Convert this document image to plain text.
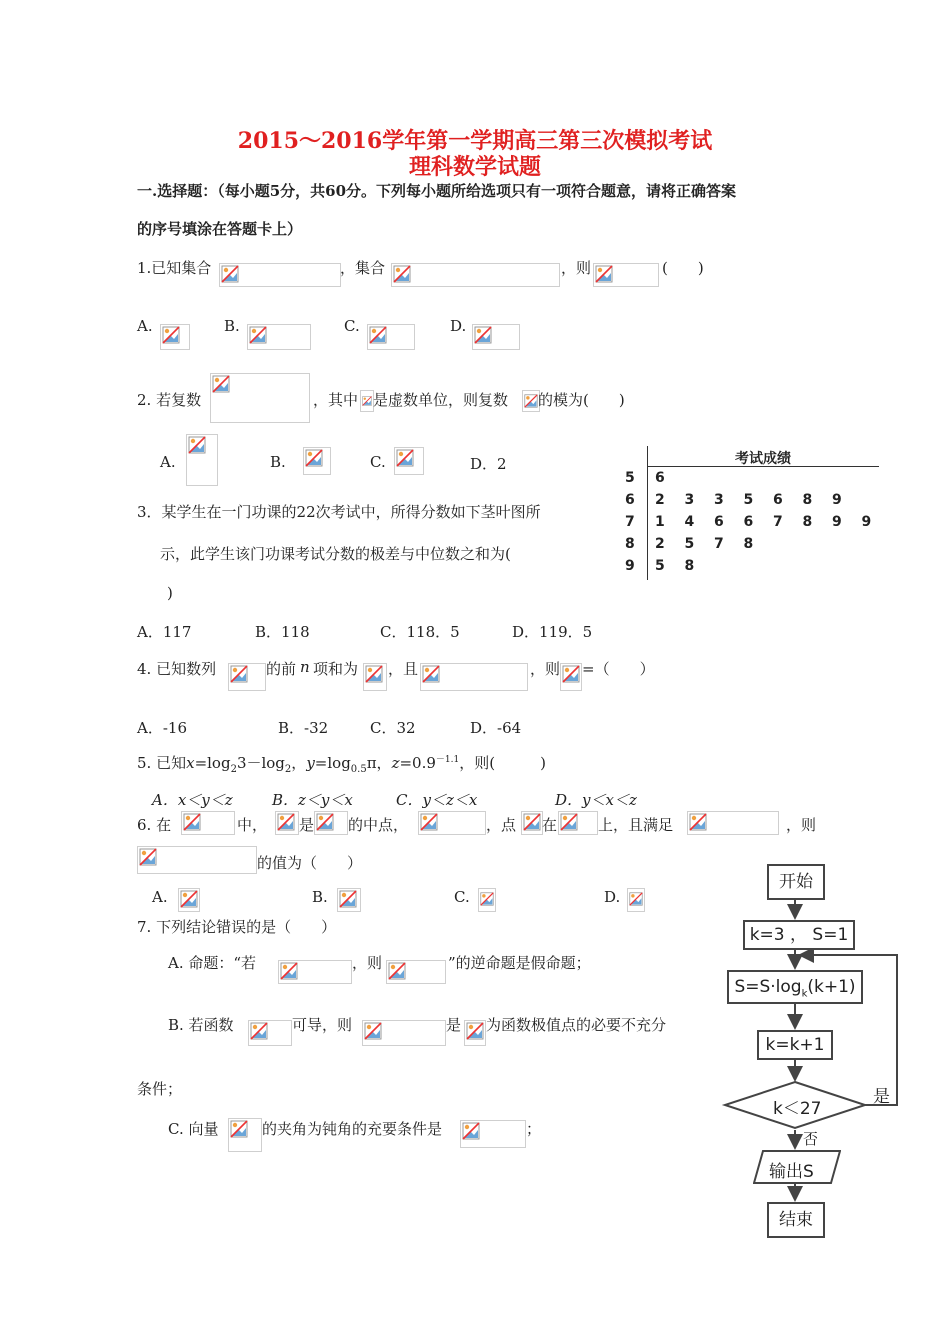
2015～2016学年第一学期高三第三次模拟考试
理科数学试题
一.选择题：（每小题5分，共60分。下列每小题所给选项只有一项符合题意，请将正确答案
的序号填涂在答题卡上）
1.已知集合	，集合	，则	(　　)
A.	B.	C.	D.
2. 若复数	，其中 是虚数单位，则复数 的模为(　　)
A.	B.	C.	D．2
3．某学生在一门功课的22次考试中，所得分数如下茎叶图所
示，此学生该门功课考试分数的极差与中位数之和为(
)
A．117	B．118	C．118．5	D．119．5
考试成绩
5 6
6 2 3 3 5 6 8 9
7 1 4 6 6 7 8 9 9
8 2 5 7 8
9 5 8
4. 已知数列	的前 n 项和为 ，且	，则 =（　　）
A．-16	B．-32	C．32	D．-64
5. 已知$x=\log_23-\log_2$，$y=\log_{0.5}\pi$，$z=0.9^{-1.1}$，则(　　　)
A．x＜y＜z	B．z＜y＜x	C．y＜z＜x	D．y＜x＜z
6. 在	中， 是 的中点，	，点 在	上，且满足	，则
的值为（　　）
A.	B.	C.	D.
7. 下列结论错误的是（　　）
A. 命题：“若	，则	”的逆命题是假命题；
B. 若函数	可导，则	是 为函数极值点的必要不充分
条件；
C. 向量	的夹角为钝角的充要条件是	；
开始
k=3 ， S=1
$S=S\cdot\log_k(k+1)$
k=k+1
k＜27
是
否
输出S
结束
